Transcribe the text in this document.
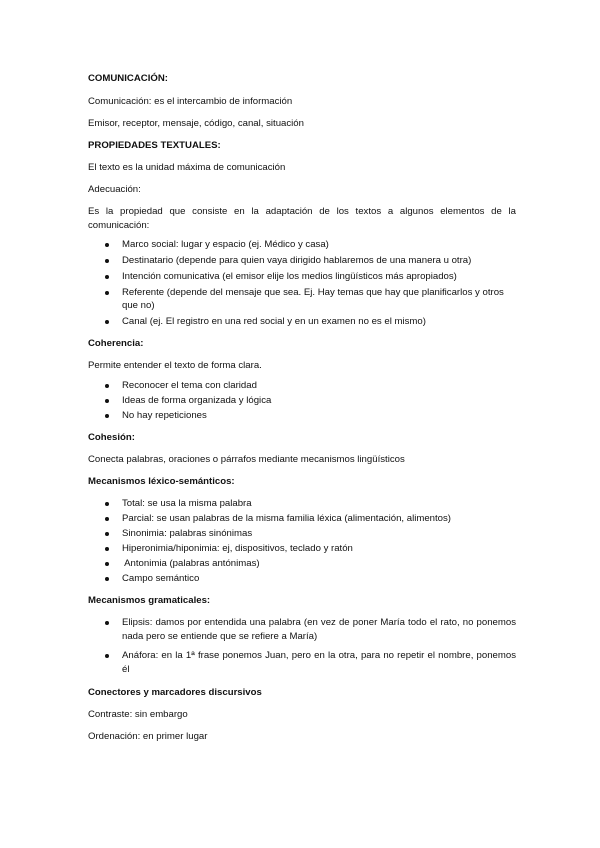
COMUNICACIÓN:

Comunicación: es el intercambio de información

Emisor, receptor, mensaje, código, canal, situación

PROPIEDADES TEXTUALES:

El texto es la unidad máxima de comunicación

Adecuación:

Es la propiedad que consiste en la adaptación de los textos a algunos elementos de la comunicación:

Marco social: lugar y espacio (ej. Médico y casa)
Destinatario (depende para quien vaya dirigido hablaremos de una manera u otra)
Intención comunicativa (el emisor elije los medios lingüísticos más apropiados)
Referente (depende del mensaje que sea. Ej. Hay temas que hay que planificarlos y otros que no)
Canal (ej. El registro en una red social y en un examen no es el mismo)

Coherencia:

Permite entender el texto de forma clara.

Reconocer el tema con claridad
Ideas de forma organizada y lógica
No hay repeticiones

Cohesión:

Conecta palabras, oraciones o párrafos mediante mecanismos lingüísticos

Mecanismos léxico-semánticos:

Total: se usa la misma palabra
Parcial: se usan palabras de la misma familia léxica (alimentación, alimentos)
Sinonimia: palabras sinónimas
Hiperonimia/hiponimia: ej, dispositivos, teclado y ratón
Antonimia (palabras antónimas)
Campo semántico

Mecanismos gramaticales:

Elipsis: damos por entendida una palabra (en vez de poner María todo el rato, no ponemos nada pero se entiende que se refiere a María)
Anáfora: en la 1ª frase ponemos Juan, pero en la otra, para no repetir el nombre, ponemos él

Conectores y marcadores discursivos

Contraste: sin embargo

Ordenación: en primer lugar
